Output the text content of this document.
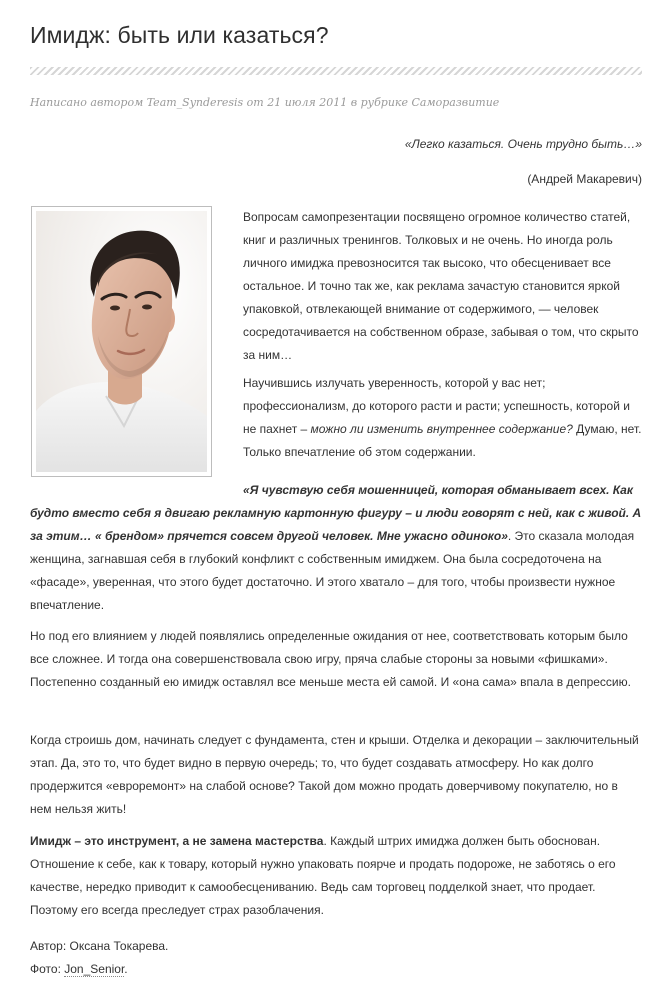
Имидж: быть или казаться?
Написано автором Team_Synderesis от 21 июля 2011 в рубрике Саморазвитие
«Легко казаться. Очень трудно быть…»
(Андрей Макаревич)

Вопросам самопрезентации посвящено огромное количество статей, книг и различных тренингов. Толковых и не очень. Но иногда роль личного имиджа превозносится так высоко, что обесценивает все остальное. И точно так же, как реклама зачастую становится яркой упаковкой, отвлекающей внимание от содержимого, — человек сосредотачивается на собственном образе, забывая о том, что скрыто за ним…

Научившись излучать уверенность, которой у вас нет; профессионализм, до которого расти и расти; успешность, которой и не пахнет – можно ли изменить внутреннее содержание? Думаю, нет. Только впечатление об этом содержании.

«Я чувствую себя мошенницей, которая обманывает всех. Как
будто вместо себя я двигаю рекламную картонную фигуру – и люди говорят с ней, как с живой. А за этим… « брендом» прячется совсем другой человек. Мне ужасно одиноко». Это сказала молодая женщина, загнавшая себя в глубокий конфликт с собственным имиджем. Она была сосредоточена на «фасаде», уверенная, что этого будет достаточно. И этого хватало – для того, чтобы произвести нужное впечатление.

Но под его влиянием у людей появлялись определенные ожидания от нее, соответствовать которым было все сложнее. И тогда она совершенствовала свою игру, пряча слабые стороны за новыми «фишками». Постепенно созданный ею имидж оставлял все меньше места ей самой. И «она сама» впала в депрессию.

Когда строишь дом, начинать следует с фундамента, стен и крыши. Отделка и декорации – заключительный этап. Да, это то, что будет видно в первую очередь; то, что будет создавать атмосферу. Но как долго продержится «евроремонт» на слабой основе? Такой дом можно продать доверчивому покупателю, но в нем нельзя жить!

Имидж – это инструмент, а не замена мастерства. Каждый штрих имиджа должен быть обоснован. Отношение к себе, как к товару, который нужно упаковать поярче и продать подороже, не заботясь о его качестве, нередко приводит к самообесцениванию. Ведь сам торговец подделкой знает, что продает. Поэтому его всегда преследует страх разоблачения.

Автор: Оксана Токарева.
Фото: Jon_Senior.
